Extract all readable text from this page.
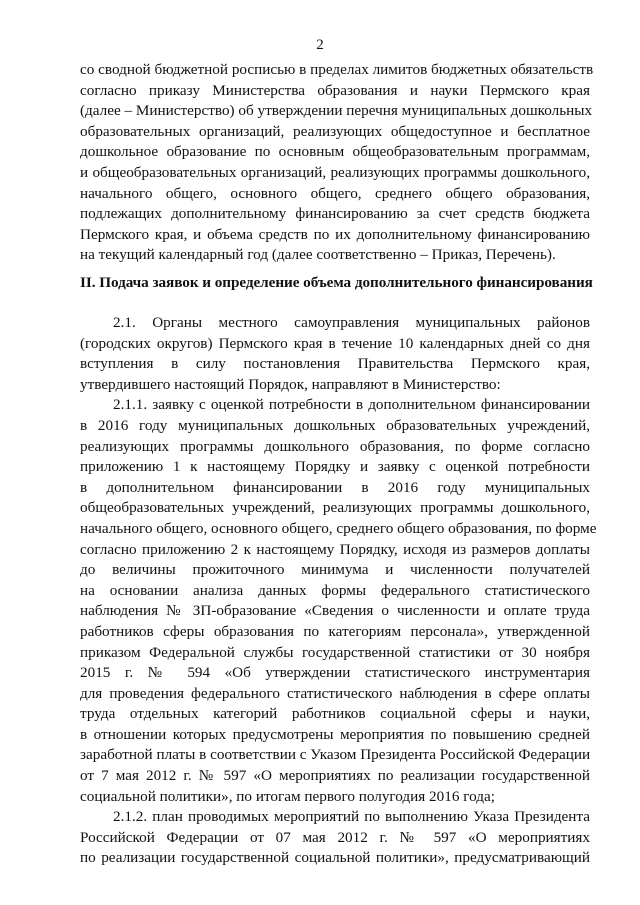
2
со сводной бюджетной росписью в пределах лимитов бюджетных обязательств
согласно приказу Министерства образования и науки Пермского края
(далее – Министерство) об утверждении перечня муниципальных дошкольных
образовательных организаций, реализующих общедоступное и бесплатное
дошкольное образование по основным общеобразовательным программам,
и общеобразовательных организаций, реализующих программы дошкольного,
начального общего, основного общего, среднего общего образования,
подлежащих дополнительному финансированию за счет средств бюджета
Пермского края, и объема средств по их дополнительному финансированию
на текущий календарный год (далее соответственно – Приказ, Перечень).
II. Подача заявок и определение объема дополнительного финансирования
2.1. Органы местного самоуправления муниципальных районов
(городских округов) Пермского края в течение 10 календарных дней со дня
вступления в силу постановления Правительства Пермского края,
утвердившего настоящий Порядок, направляют в Министерство:
2.1.1. заявку с оценкой потребности в дополнительном финансировании
в 2016 году муниципальных дошкольных образовательных учреждений,
реализующих программы дошкольного образования, по форме согласно
приложению 1 к настоящему Порядку и заявку с оценкой потребности
в дополнительном финансировании в 2016 году муниципальных
общеобразовательных учреждений, реализующих программы дошкольного,
начального общего, основного общего, среднего общего образования, по форме
согласно приложению 2 к настоящему Порядку, исходя из размеров доплаты
до величины прожиточного минимума и численности получателей
на основании анализа данных формы федерального статистического
наблюдения № ЗП-образование «Сведения о численности и оплате труда
работников сферы образования по категориям персонала», утвержденной
приказом Федеральной службы государственной статистики от 30 ноября
2015 г. № 594 «Об утверждении статистического инструментария
для проведения федерального статистического наблюдения в сфере оплаты
труда отдельных категорий работников социальной сферы и науки,
в отношении которых предусмотрены мероприятия по повышению средней
заработной платы в соответствии с Указом Президента Российской Федерации
от 7 мая 2012 г. № 597 «О мероприятиях по реализации государственной
социальной политики», по итогам первого полугодия 2016 года;
2.1.2. план проводимых мероприятий по выполнению Указа Президента
Российской Федерации от 07 мая 2012 г. № 597 «О мероприятиях
по реализации государственной социальной политики», предусматривающий
